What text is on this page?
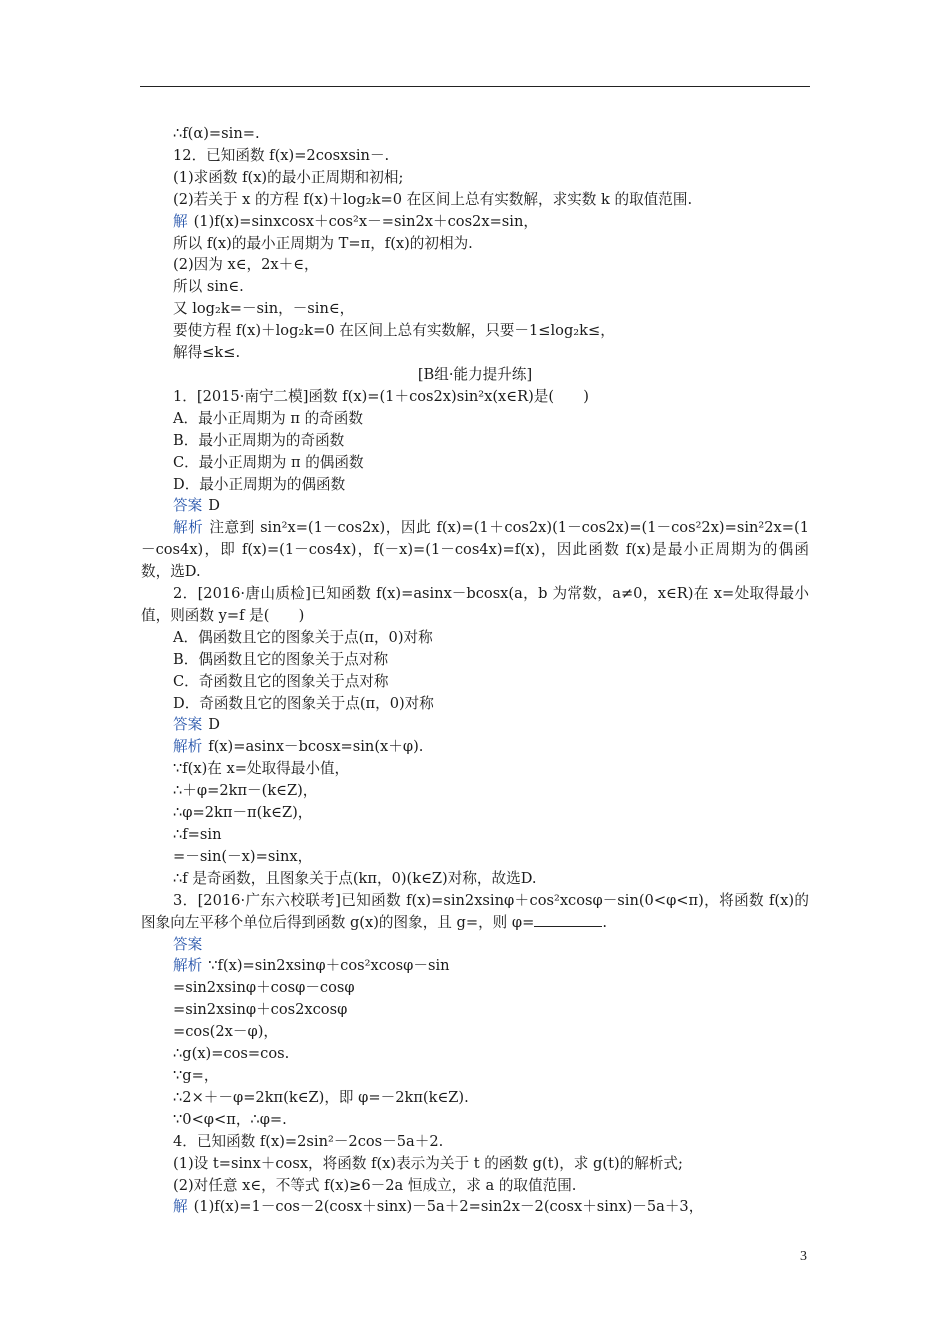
∴f(α)=sin=.
12．已知函数 f(x)=2cosxsin－.
(1)求函数 f(x)的最小正周期和初相;
(2)若关于 x 的方程 f(x)＋log₂k=0 在区间上总有实数解，求实数 k 的取值范围.
解 (1)f(x)=sinxcosx＋cos²x－=sin2x＋cos2x=sin，
所以 f(x)的最小正周期为 T=π，f(x)的初相为.
(2)因为 x∈，2x＋∈，
所以 sin∈.
又 log₂k=－sin，－sin∈，
要使方程 f(x)＋log₂k=0 在区间上总有实数解，只要－1≤log₂k≤，
解得≤k≤.
[B组·能力提升练]
1．[2015·南宁二模]函数 f(x)=(1＋cos2x)sin²x(x∈R)是(　　)
A．最小正周期为 π 的奇函数
B．最小正周期为的奇函数
C．最小正周期为 π 的偶函数
D．最小正周期为的偶函数
答案 D
解析 注意到 sin²x=(1－cos2x)，因此 f(x)=(1＋cos2x)(1－cos2x)=(1－cos²2x)=sin²2x=(1－cos4x)，即 f(x)=(1－cos4x)，f(－x)=(1－cos4x)=f(x)，因此函数 f(x)是最小正周期为的偶函数，选D.
2．[2016·唐山质检]已知函数 f(x)=asinx－bcosx(a，b 为常数，a≠0，x∈R)在 x=处取得最小值，则函数 y=f 是(　　)
A．偶函数且它的图象关于点(π，0)对称
B．偶函数且它的图象关于点对称
C．奇函数且它的图象关于点对称
D．奇函数且它的图象关于点(π，0)对称
答案 D
解析 f(x)=asinx－bcosx=sin(x＋φ).
∵f(x)在 x=处取得最小值，
∴＋φ=2kπ－(k∈Z)，
∴φ=2kπ－π(k∈Z)，
∴f=sin
=－sin(－x)=sinx，
∴f 是奇函数，且图象关于点(kπ，0)(k∈Z)对称，故选D.
3．[2016·广东六校联考]已知函数 f(x)=sin2xsinφ＋cos²xcosφ－sin(0<φ<π)，将函数 f(x)的图象向左平移个单位后得到函数 g(x)的图象，且 g=，则 φ=	.
答案
解析 ∵f(x)=sin2xsinφ＋cos²xcosφ－sin
=sin2xsinφ＋cosφ－cosφ
=sin2xsinφ＋cos2xcosφ
=cos(2x－φ)，
∴g(x)=cos=cos.
∵g=，
∴2×＋－φ=2kπ(k∈Z)，即 φ=－2kπ(k∈Z).
∵0<φ<π，∴φ=.
4．已知函数 f(x)=2sin²－2cos－5a＋2.
(1)设 t=sinx＋cosx，将函数 f(x)表示为关于 t 的函数 g(t)，求 g(t)的解析式;
(2)对任意 x∈，不等式 f(x)≥6－2a 恒成立，求 a 的取值范围.
解 (1)f(x)=1－cos－2(cosx＋sinx)－5a＋2=sin2x－2(cosx＋sinx)－5a＋3，
3
